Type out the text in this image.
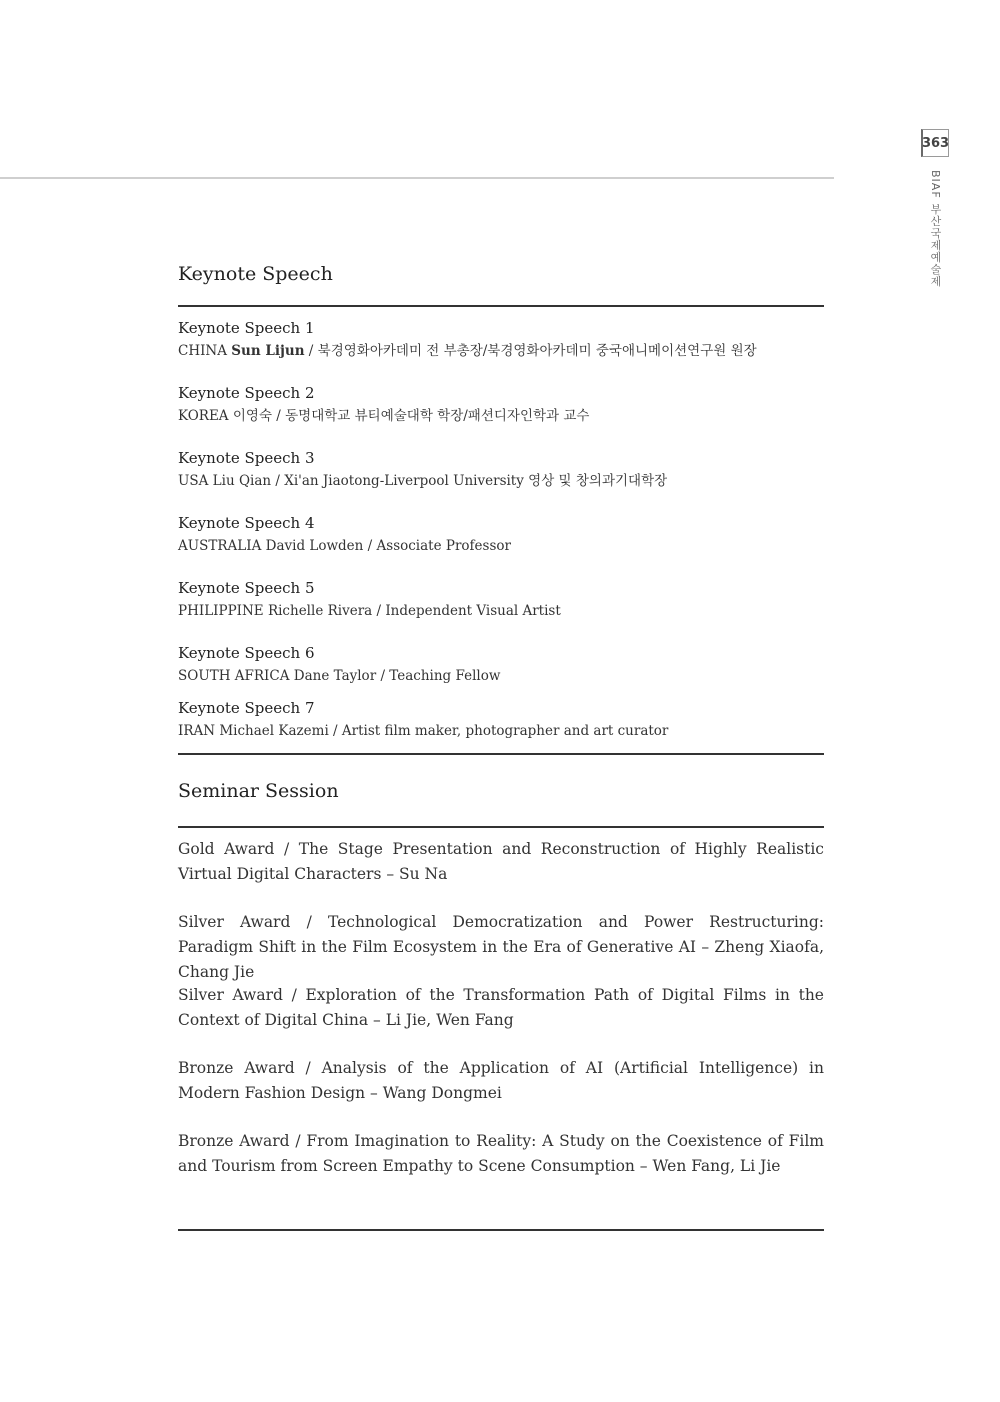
363
BIAF 부산국제예술제
Keynote Speech
Keynote Speech 1
CHINA Sun Lijun / 북경영화아카데미 전 부총장/북경영화아카데미 중국애니메이션연구원 원장
Keynote Speech 2
KOREA 이영숙 / 동명대학교 뷰티예술대학 학장/패션디자인학과 교수
Keynote Speech 3
USA Liu Qian / Xi'an Jiaotong-Liverpool University 영상 및 창의과기대학장
Keynote Speech 4
AUSTRALIA David Lowden / Associate Professor
Keynote Speech 5
PHILIPPINE Richelle Rivera / Independent Visual Artist
Keynote Speech 6
SOUTH AFRICA Dane Taylor / Teaching Fellow
Keynote Speech 7
IRAN Michael Kazemi / Artist film maker, photographer and art curator
Seminar Session
Gold Award / The Stage Presentation and Reconstruction of Highly Realistic Virtual Digital Characters – Su Na
Silver Award / Technological Democratization and Power Restructuring: Paradigm Shift in the Film Ecosystem in the Era of Generative AI – Zheng Xiaofa, Chang Jie
Silver Award / Exploration of the Transformation Path of Digital Films in the Context of Digital China – Li Jie, Wen Fang
Bronze Award / Analysis of the Application of AI (Artificial Intelligence) in Modern Fashion Design – Wang Dongmei
Bronze Award / From Imagination to Reality: A Study on the Coexistence of Film and Tourism from Screen Empathy to Scene Consumption – Wen Fang, Li Jie
